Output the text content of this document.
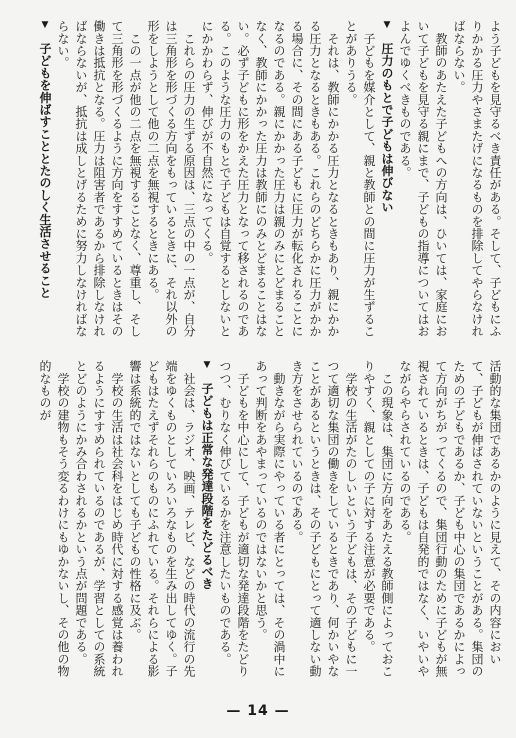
よう子どもを見守るべき責任がある。そして、子どもにふりかかる圧力やさまたげになるものを排除してやらなければならない。
　教師のあたえた子どもへの方向は、ひいては、家庭において子どもを見守る親にまで、子どもの指導についてはおよんでゆくべきものである。
▼　圧力のもとで子どもは伸びない
　子どもを媒介として、親と教師との間に圧力が生ずることがありうる。
　それは、教師にかかる圧力となるときもあり、親にかかる圧力となるときもある。これらのどちらかに圧力がかかる場合に、その間にある子どもに圧力が転化されることになるのである。親にかかった圧力は親のみにとどまることなく、教師にかかった圧力は教師にのみとどまることはない。必ず子どもに形をかえた圧力となって移されるのである。このような圧力のもとで子どもは自覚するとしないとにかかわらず、伸びが不自然になってくる。
　これらの圧力の生ずる原因は、三点の中の一点が、自分は三角形を形づくる方向をもっているときに、それ以外の形をしようとして他の二点を無視するときにある。
　この一点が他の二点を無視することなく、尊重し、そして三角形を形づくるように方向をすすめているときはその働きは抵抗となる。圧力は阻害者であるから排除しなければならないが、抵抗は成しとげるために努力しなければならない。
▼　子どもを伸ばすこととたのしく生活させること
活動的な集団であるかのように見えて、その内容において、子どもが伸ばされていないということがある。集団のための子どもであるか、子ども中心の集団であるかによって方向がちがってくるので、集団行動のために子どもが無視されているときは、子どもは自発的ではなく、いやいやながらやらされているのである。
　この現象は、集団に方向をあたえる教師側によっておこりやすく、親としての子に対する注意が必要である。
　学校の生活がたのしいという子どもは、その子どもに一つて適切な集団の働きをしているときであり、何かいやなことがあるというときは、その子どもにとって適しない動き方をさせられているのである。
　動きながら実際にやっている者にとっては、その渦中にあって判断をあやまっているのではないかと思う。
　子どもを中心にして、子どもが適切な発達段階をたどりつつ、むりなく伸びているかを注意したいものである。
▼　子どもは正常な発達段階をたどるべき
　社会は、ラジオ、映画、テレビ、などの時代の流行の先端をゆくものとしていろいろなものを生み出してゆく。子どもはたえずそれらのものにふれている。それらによる影響は系統的ではないとしても子どもの性格に及ぶ。
　学校の生活は社会科をはじめ時代に対する感覚は養われるようにすすめられているのであるが、学習としての系統とどのようにかみ合わされるかという点が問題である。
　学校の建物もそう変るわけにもゆかないし、その他の物的なものが
— 14 —
